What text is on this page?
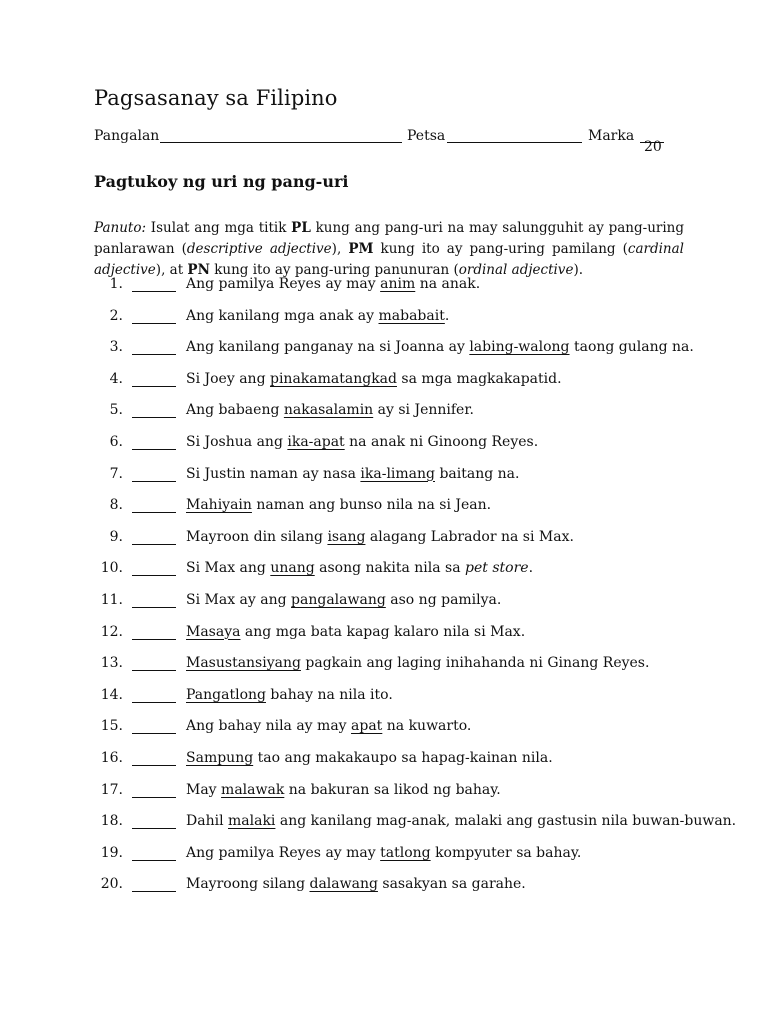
Pagsasanay sa Filipino
Pangalan	Petsa	Marka
20
Pagtukoy ng uri ng pang-uri

Panuto: Isulat ang mga titik PL kung ang pang-uri na may salungguhit ay pang-uring panlarawan (descriptive adjective), PM kung ito ay pang-uring pamilang (cardinal adjective), at PN kung ito ay pang-uring panunuran (ordinal adjective).

1.	Ang pamilya Reyes ay may anim na anak.
2.	Ang kanilang mga anak ay mababait.
3.	Ang kanilang panganay na si Joanna ay labing-walong taong gulang na.
4.	Si Joey ang pinakamatangkad sa mga magkakapatid.
5.	Ang babaeng nakasalamin ay si Jennifer.
6.	Si Joshua ang ika-apat na anak ni Ginoong Reyes.
7.	Si Justin naman ay nasa ika-limang baitang na.
8.	Mahiyain naman ang bunso nila na si Jean.
9.	Mayroon din silang isang alagang Labrador na si Max.
10.	Si Max ang unang asong nakita nila sa pet store.
11.	Si Max ay ang pangalawang aso ng pamilya.
12.	Masaya ang mga bata kapag kalaro nila si Max.
13.	Masustansiyang pagkain ang laging inihahanda ni Ginang Reyes.
14.	Pangatlong bahay na nila ito.
15.	Ang bahay nila ay may apat na kuwarto.
16.	Sampung tao ang makakaupo sa hapag-kainan nila.
17.	May malawak na bakuran sa likod ng bahay.
18.	Dahil malaki ang kanilang mag-anak, malaki ang gastusin nila buwan-buwan.
19.	Ang pamilya Reyes ay may tatlong kompyuter sa bahay.
20.	Mayroong silang dalawang sasakyan sa garahe.
